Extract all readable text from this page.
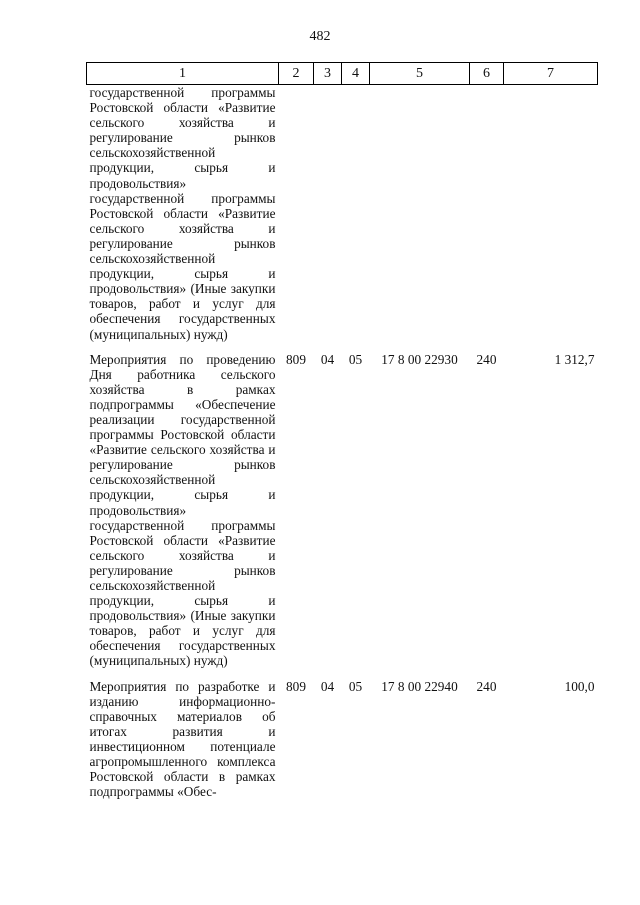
482
1	2	3	4	5	6	7
государственной программы Ростовской области «Развитие сельского хозяйства и регулирование рынков сельскохозяйственной продукции, сырья и продовольствия» государственной программы Ростовской области «Развитие сельского хозяйства и регулирование рынков сельскохозяйственной продукции, сырья и продовольствия» (Иные закупки товаров, работ и услуг для обеспечения государственных (муниципальных) нужд)						
Мероприятия по проведению Дня работника сельского хозяйства в рамках подпрограммы «Обеспечение реализации государственной программы Ростовской области «Развитие сельского хозяйства и регулирование рынков сельскохозяйственной продукции, сырья и продовольствия» государственной программы Ростовской области «Развитие сельского хозяйства и регулирование рынков сельскохозяйственной продукции, сырья и продовольствия» (Иные закупки товаров, работ и услуг для обеспечения государственных (муниципальных) нужд)	809	04	05	17 8 00 22930	240	1 312,7
Мероприятия по разработке и изданию информационно-справочных материалов об итогах развития и инвестиционном потенциале агропромышленного комплекса Ростовской области в рамках подпрограммы «Обес-	809	04	05	17 8 00 22940	240	100,0
